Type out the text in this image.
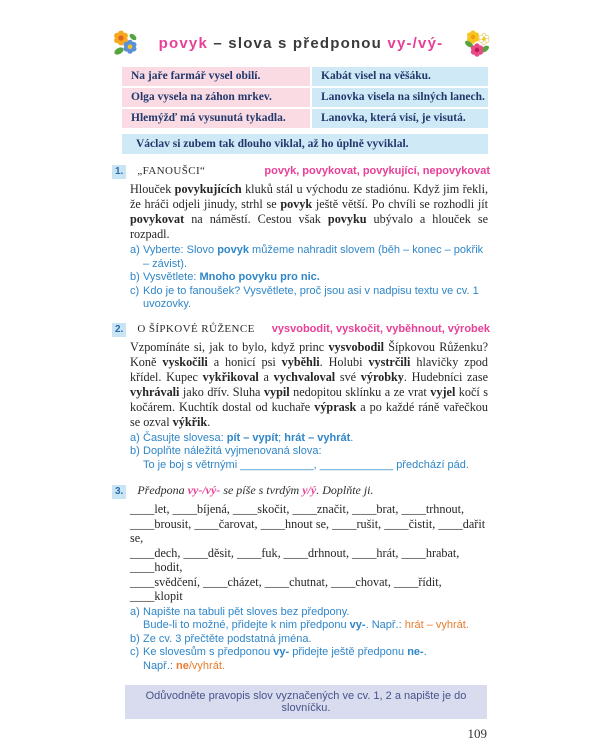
povyk – slova s předponou vy-/vý-
Na jaře farmář vysel obilí.	Kabát visel na věšáku.
Olga vysela na záhon mrkev.	Lanovka visela na silných lanech.
Hlemýžď má vysunutá tykadla.	Lanovka, která visí, je visutá.
Václav si zubem tak dlouho viklal, až ho úplně vyviklal.
1. „FANOUŠCI“	povyk, povykovat, povykující, nepovykovat
Hlouček povykujících kluků stál u východu ze stadiónu. Když jim řekli, že hráči odjeli jinudy, strhl se povyk ještě větší. Po chvíli se rozhodli jít povykovat na náměstí. Cestou však povyku ubývalo a hlouček se rozpadl.
a) Vyberte: Slovo povyk můžeme nahradit slovem (běh – konec – pokřik – závist).
b) Vysvětlete: Mnoho povyku pro nic.
c) Kdo je to fanoušek? Vysvětlete, proč jsou asi v nadpisu textu ve cv. 1 uvozovky.
2. O ŠÍPKOVÉ RŮŽENCE vysvobodit, vyskočit, vyběhnout, výrobek
Vzpomínáte si, jak to bylo, když princ vysvobodil Šípkovou Růženku? Koně vyskočili a honicí psi vyběhli. Holubi vystrčili hlavičky zpod křídel. Kupec vykřikoval a vychvaloval své výrobky. Hudebníci zase vyhrávali jako dřív. Sluha vypil nedopitou sklínku a ze vrat vyjel kočí s kočárem. Kuchtík dostal od kuchaře výprask a po každé ráně vařečkou se ozval výkřik.
a) Časujte slovesa: pít – vypít; hrát – vyhrát.
b) Doplňte náležitá vyjmenovaná slova:
To je boj s větrnými ____________, ____________ předchází pád.
3. Předpona vy-/vý- se píše s tvrdým y/ý. Doplňte ji.
____let, ____bíjená, ____skočit, ____značit, ____brat, ____trhnout,
____brousit, ____čarovat, ____hnout se, ____rušit, ____čistit, ____dařit se,
____dech, ____děsit, ____fuk, ____drhnout, ____hrát, ____hrabat, ____hodit,
____svědčení, ____cházet, ____chutnat, ____chovat, ____řídit, ____klopit
a) Napište na tabuli pět sloves bez předpony.
Bude-li to možné, přidejte k nim předponu vy-. Např.: hrát – vyhrát.
b) Ze cv. 3 přečtěte podstatná jména.
c) Ke slovesům s předponou vy- přidejte ještě předponu ne-.
Např.: ne/vyhrát.
Odůvodněte pravopis slov vyznačených ve cv. 1, 2 a napište je do slovníčku.
109
